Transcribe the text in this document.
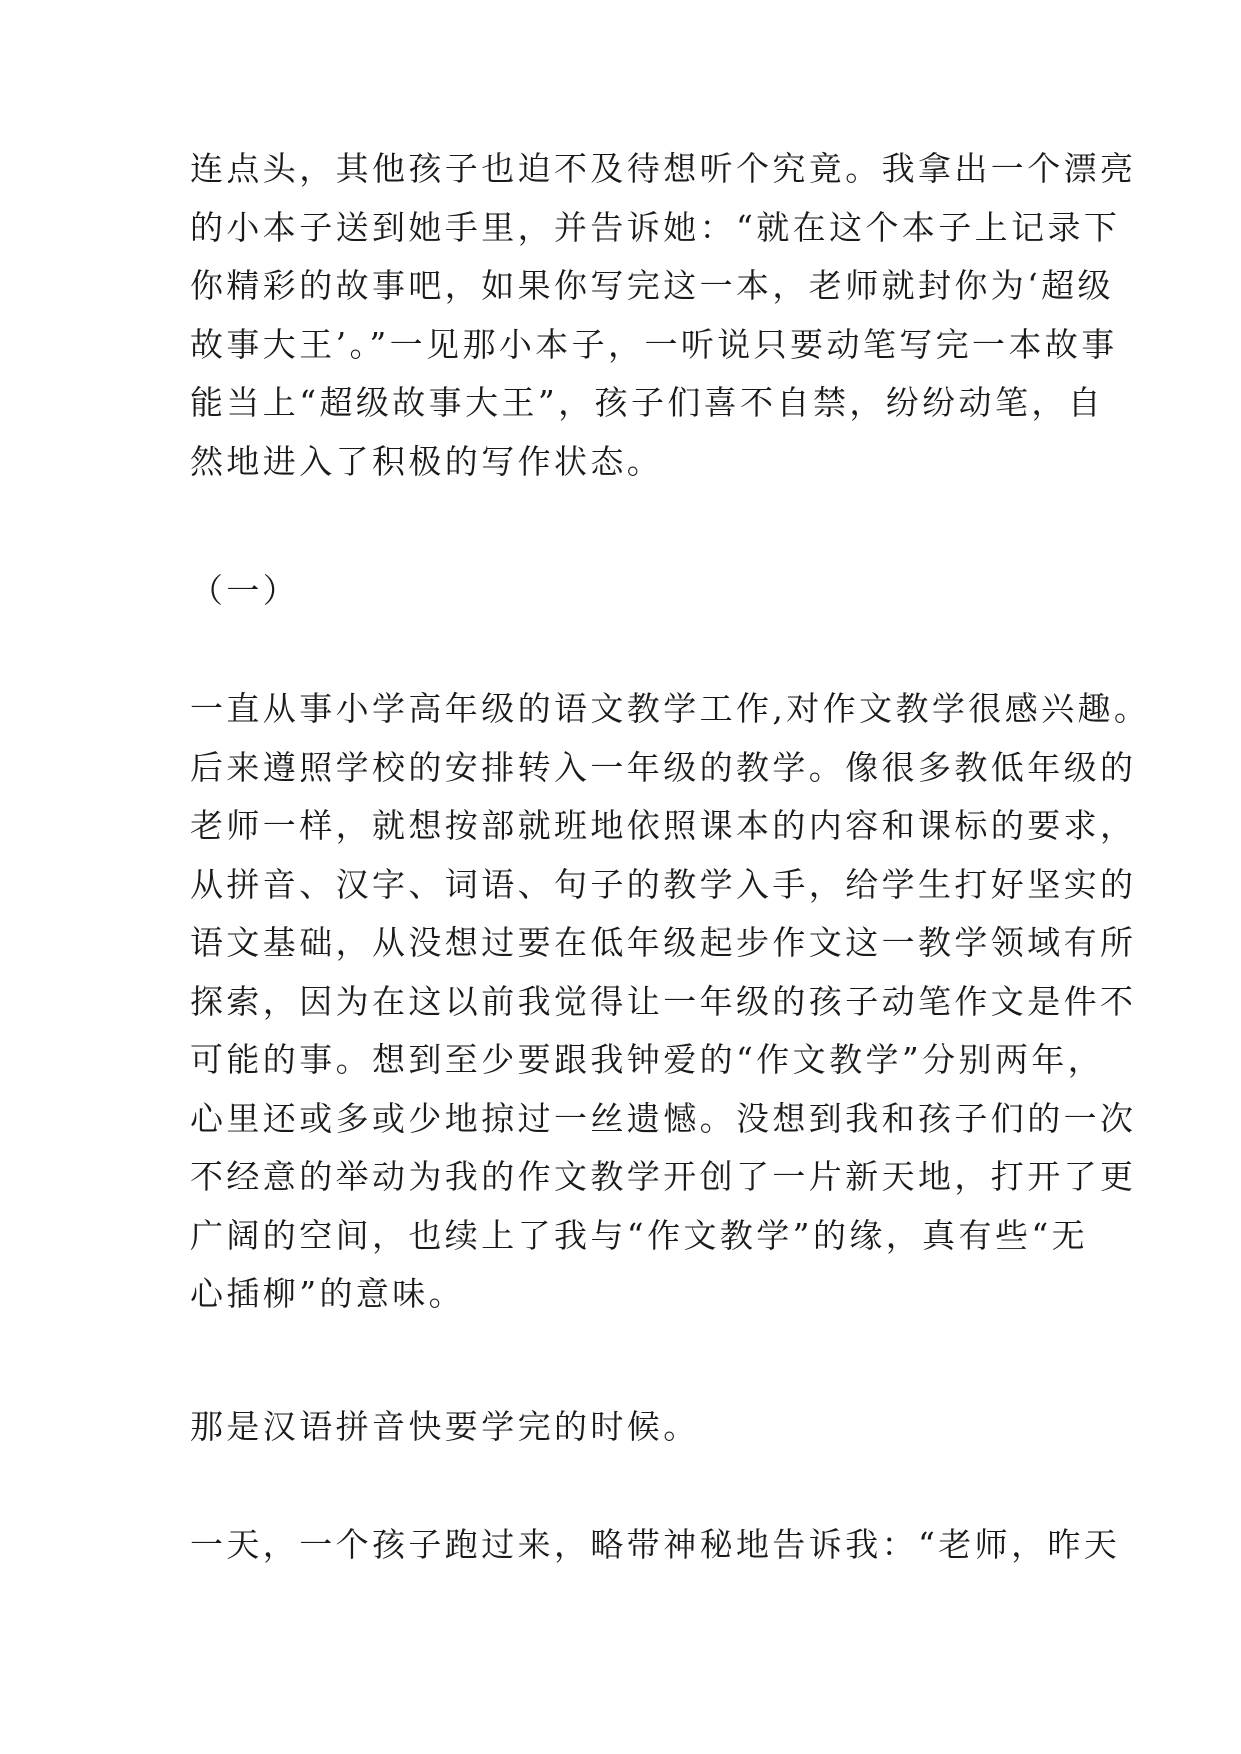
连点头，其他孩子也迫不及待想听个究竟。我拿出一个漂亮
的小本子送到她手里，并告诉她：“就在这个本子上记录下
你精彩的故事吧，如果你写完这一本，老师就封你为‘超级
故事大王’。”一见那小本子，一听说只要动笔写完一本故事
能当上“超级故事大王”，孩子们喜不自禁，纷纷动笔，自
然地进入了积极的写作状态。
（一）
一直从事小学高年级的语文教学工作,对作文教学很感兴趣。
后来遵照学校的安排转入一年级的教学。像很多教低年级的
老师一样，就想按部就班地依照课本的内容和课标的要求，
从拼音、汉字、词语、句子的教学入手，给学生打好坚实的
语文基础，从没想过要在低年级起步作文这一教学领域有所
探索，因为在这以前我觉得让一年级的孩子动笔作文是件不
可能的事。想到至少要跟我钟爱的“作文教学”分别两年，
心里还或多或少地掠过一丝遗憾。没想到我和孩子们的一次
不经意的举动为我的作文教学开创了一片新天地，打开了更
广阔的空间，也续上了我与“作文教学”的缘，真有些“无
心插柳”的意味。
那是汉语拼音快要学完的时候。
一天，一个孩子跑过来，略带神秘地告诉我：“老师，昨天
